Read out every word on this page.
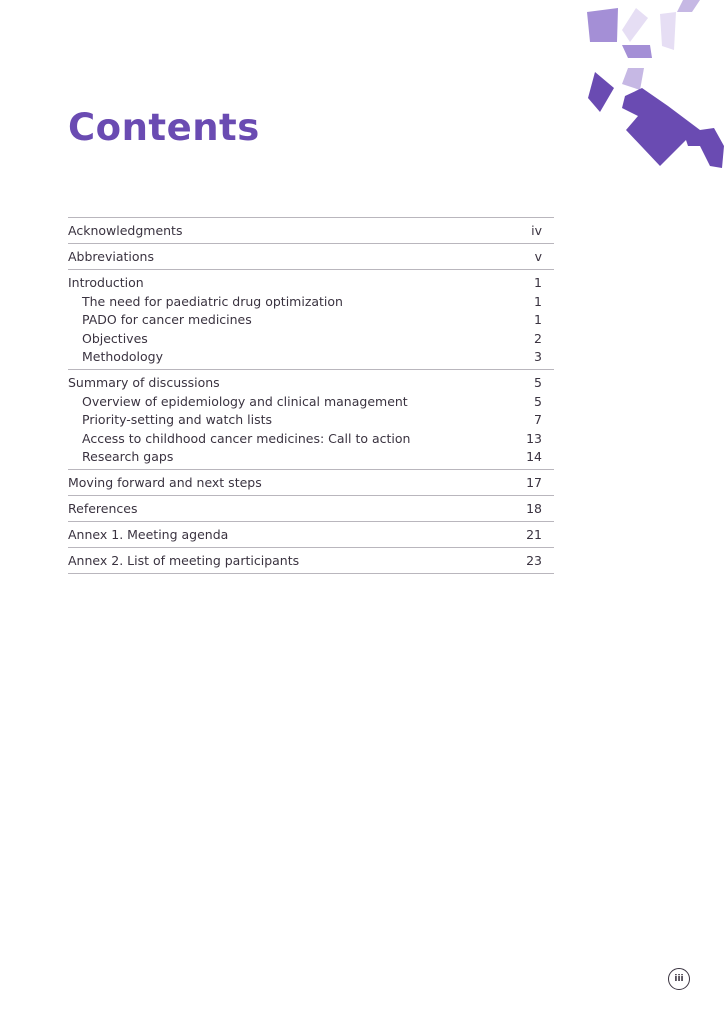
Contents
Acknowledgments	iv
Abbreviations	v
Introduction	1
The need for paediatric drug optimization	1
PADO for cancer medicines	1
Objectives	2
Methodology	3
Summary of discussions	5
Overview of epidemiology and clinical management	5
Priority-setting and watch lists	7
Access to childhood cancer medicines: Call to action	13
Research gaps	14
Moving forward and next steps	17
References	18
Annex 1. Meeting agenda	21
Annex 2. List of meeting participants	23
iii
